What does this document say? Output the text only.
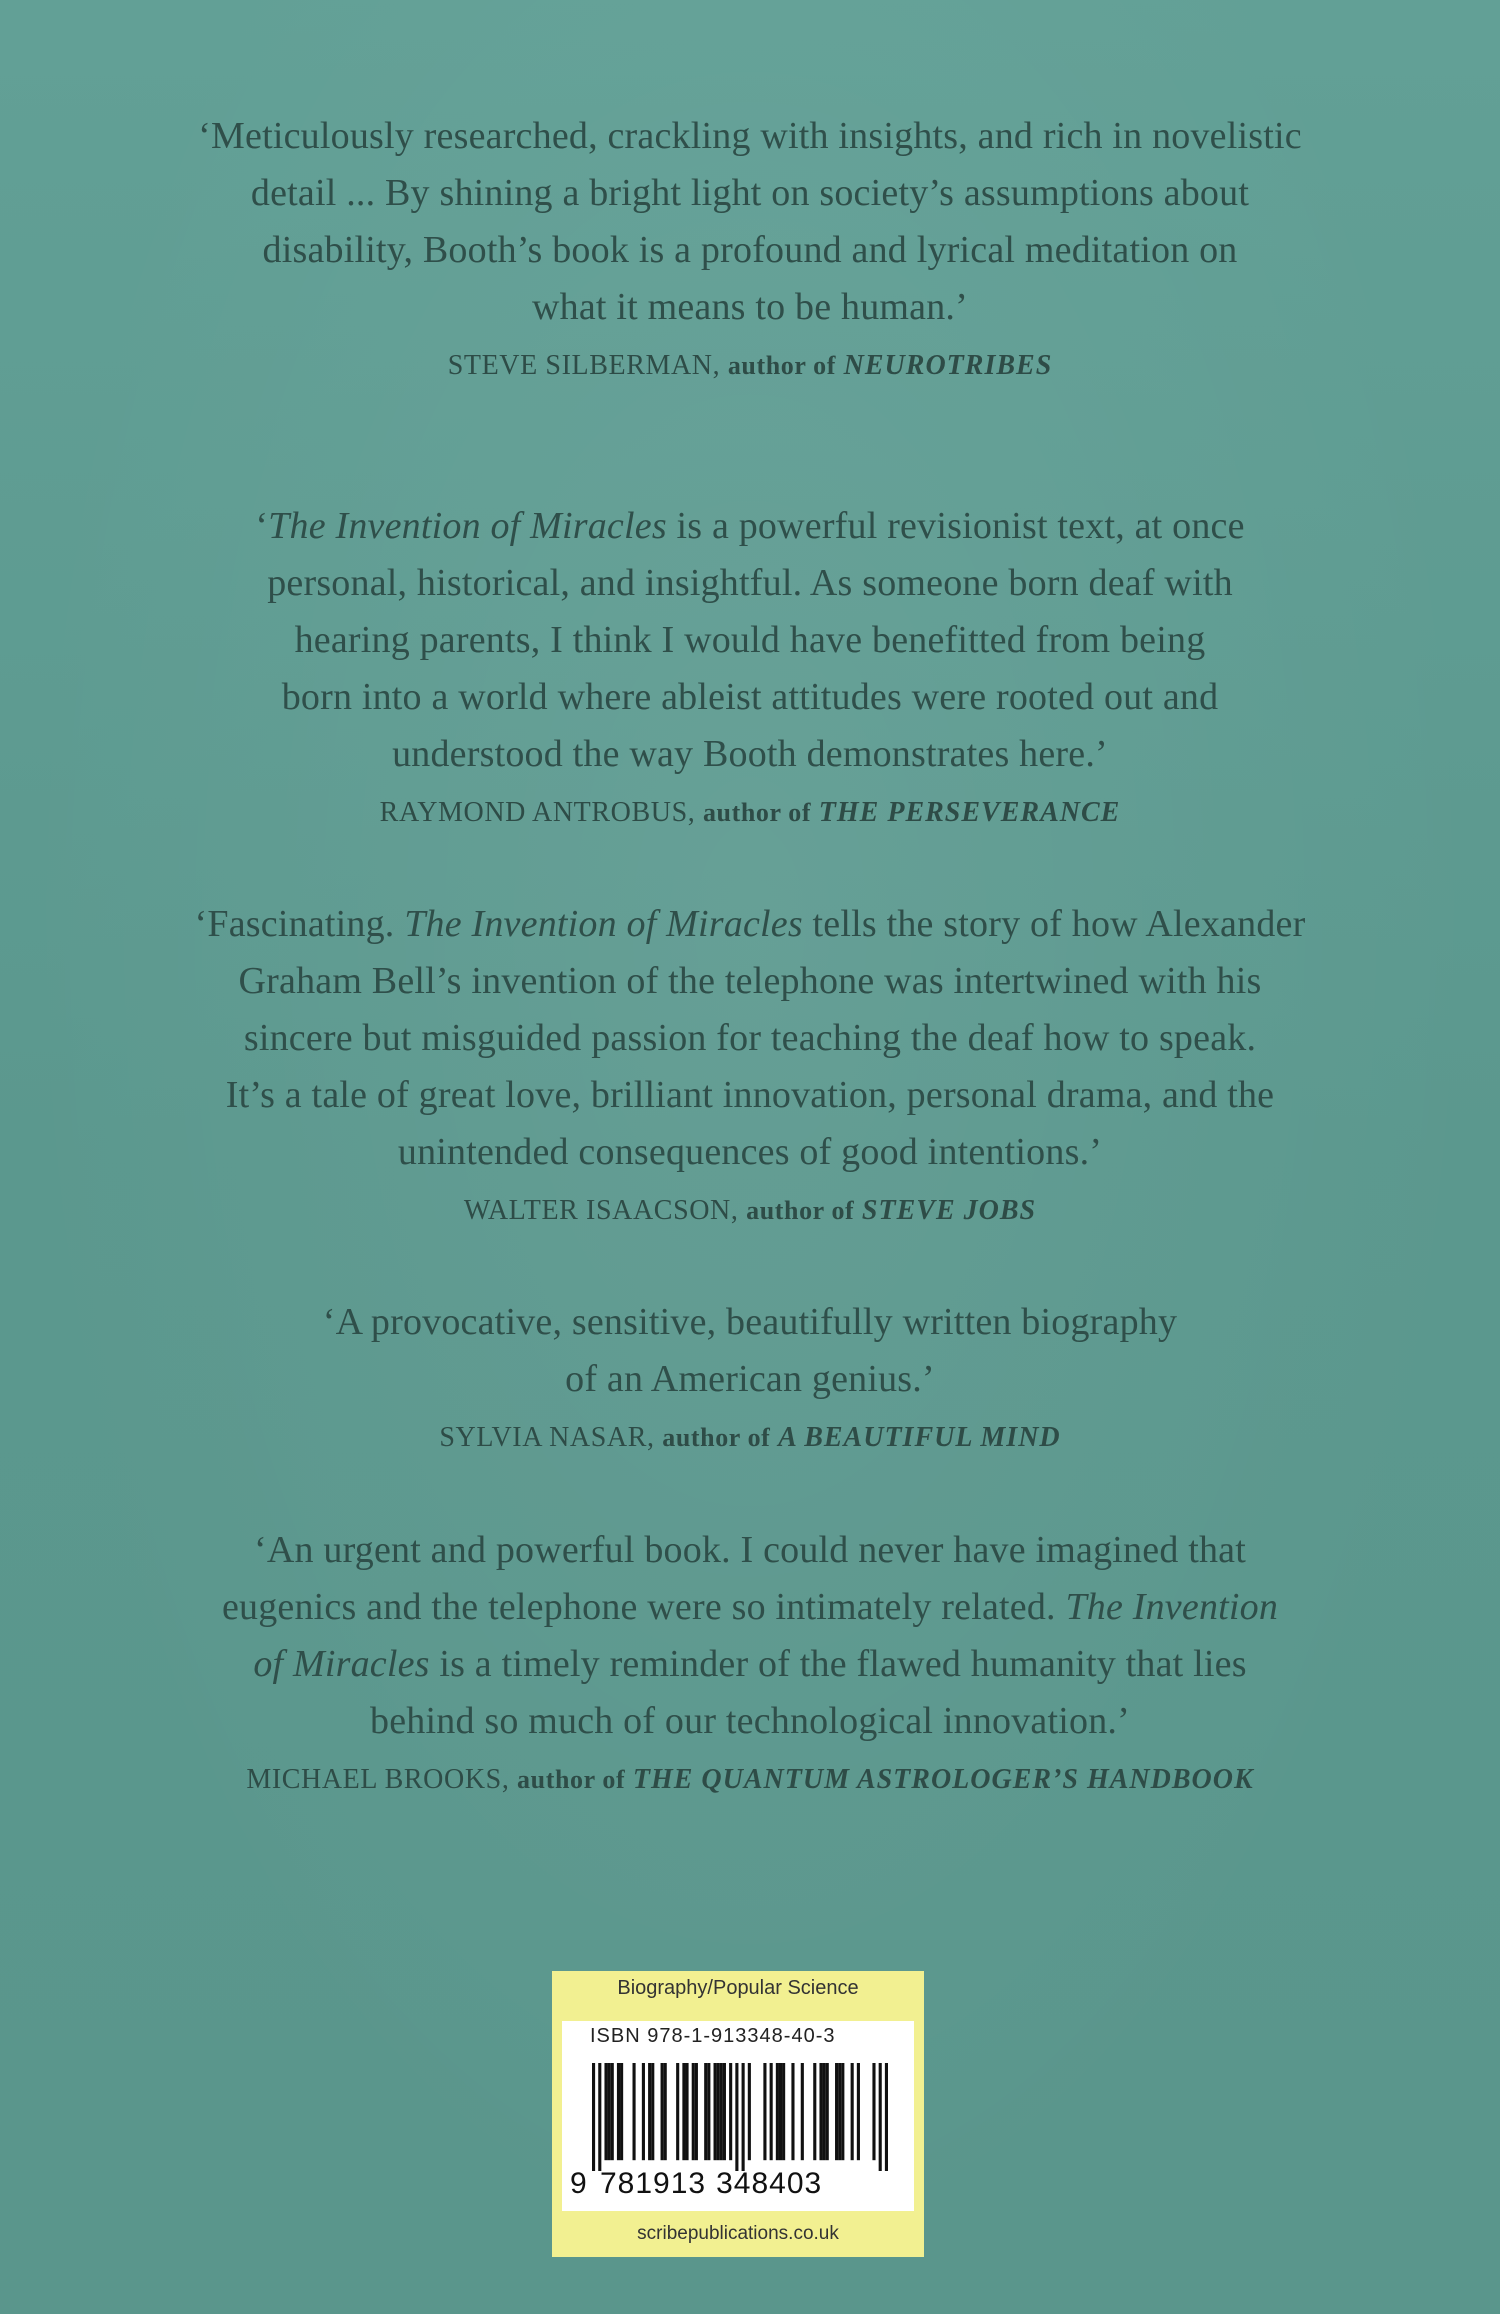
‘Meticulously researched, crackling with insights, and rich in novelistic
detail ... By shining a bright light on society’s assumptions about
disability, Booth’s book is a profound and lyrical meditation on
what it means to be human.’

STEVE SILBERMAN, author of NEUROTRIBES

‘The Invention of Miracles is a powerful revisionist text, at once
personal, historical, and insightful. As someone born deaf with
hearing parents, I think I would have benefitted from being
born into a world where ableist attitudes were rooted out and
understood the way Booth demonstrates here.’

RAYMOND ANTROBUS, author of THE PERSEVERANCE

‘Fascinating. The Invention of Miracles tells the story of how Alexander
Graham Bell’s invention of the telephone was intertwined with his
sincere but misguided passion for teaching the deaf how to speak.
It’s a tale of great love, brilliant innovation, personal drama, and the
unintended consequences of good intentions.’

WALTER ISAACSON, author of STEVE JOBS

‘A provocative, sensitive, beautifully written biography
of an American genius.’

SYLVIA NASAR, author of A BEAUTIFUL MIND

‘An urgent and powerful book. I could never have imagined that
eugenics and the telephone were so intimately related. The Invention
of Miracles is a timely reminder of the flawed humanity that lies
behind so much of our technological innovation.’

MICHAEL BROOKS, author of THE QUANTUM ASTROLOGER’S HANDBOOK
Biography/Popular Science
ISBN 978-1-913348-40-3
9 781913 348403
scribepublications.co.uk
